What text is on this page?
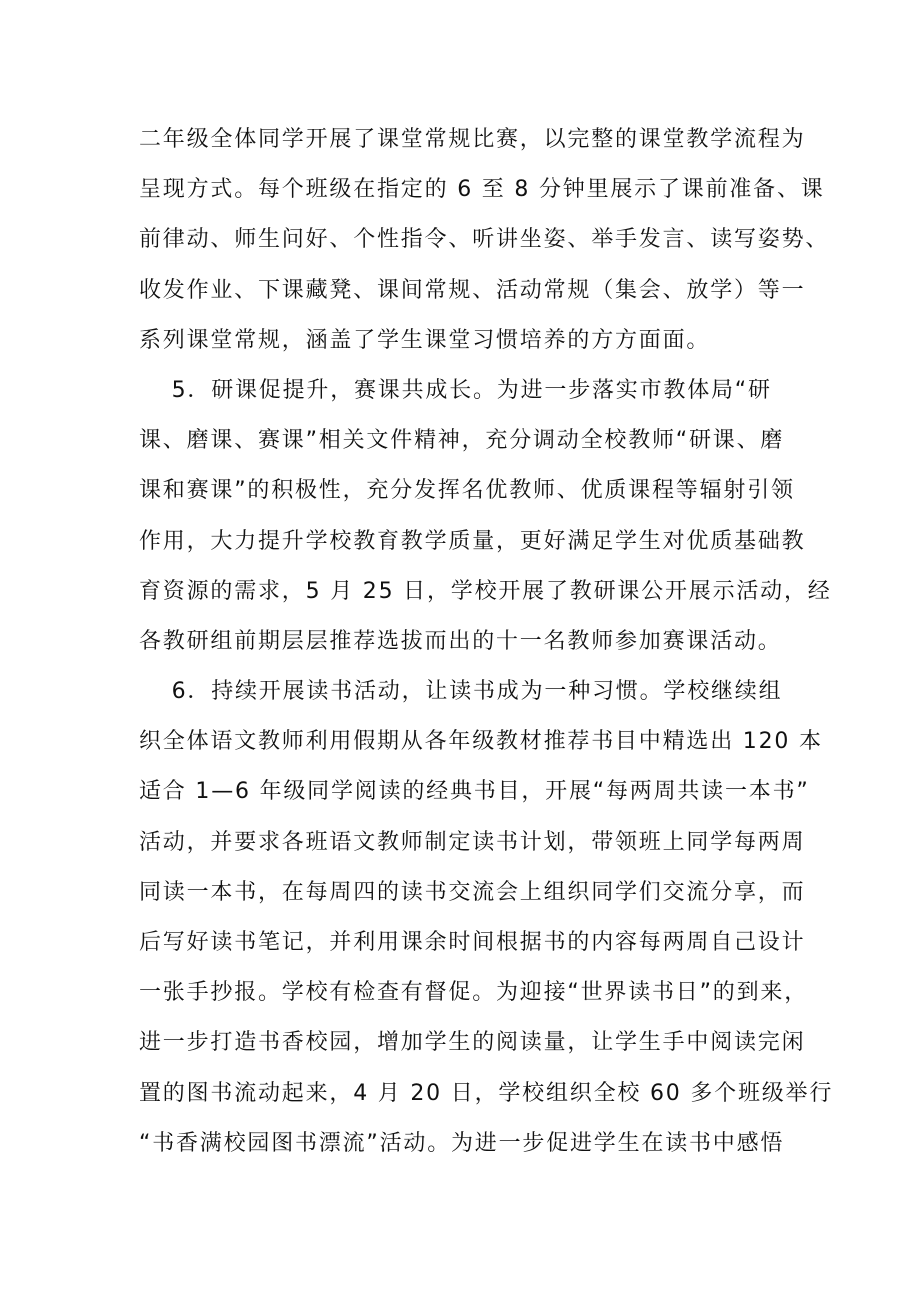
二年级全体同学开展了课堂常规比赛，以完整的课堂教学流程为
呈现方式。每个班级在指定的 6 至 8 分钟里展示了课前准备、课
前律动、师生问好、个性指令、听讲坐姿、举手发言、读写姿势、
收发作业、下课藏凳、课间常规、活动常规（集会、放学）等一
系列课堂常规，涵盖了学生课堂习惯培养的方方面面。
　 5．研课促提升，赛课共成长。为进一步落实市教体局“研
课、磨课、赛课”相关文件精神，充分调动全校教师“研课、磨
课和赛课”的积极性，充分发挥名优教师、优质课程等辐射引领
作用，大力提升学校教育教学质量，更好满足学生对优质基础教
育资源的需求，5 月 25 日，学校开展了教研课公开展示活动，经
各教研组前期层层推荐选拔而出的十一名教师参加赛课活动。
　 6．持续开展读书活动，让读书成为一种习惯。学校继续组
织全体语文教师利用假期从各年级教材推荐书目中精选出 120 本
适合 1—6 年级同学阅读的经典书目，开展“每两周共读一本书”
活动，并要求各班语文教师制定读书计划，带领班上同学每两周
同读一本书，在每周四的读书交流会上组织同学们交流分享，而
后写好读书笔记，并利用课余时间根据书的内容每两周自己设计
一张手抄报。学校有检查有督促。为迎接“世界读书日”的到来，
进一步打造书香校园，增加学生的阅读量，让学生手中阅读完闲
置的图书流动起来，4 月 20 日，学校组织全校 60 多个班级举行
“书香满校园图书漂流”活动。为进一步促进学生在读书中感悟
